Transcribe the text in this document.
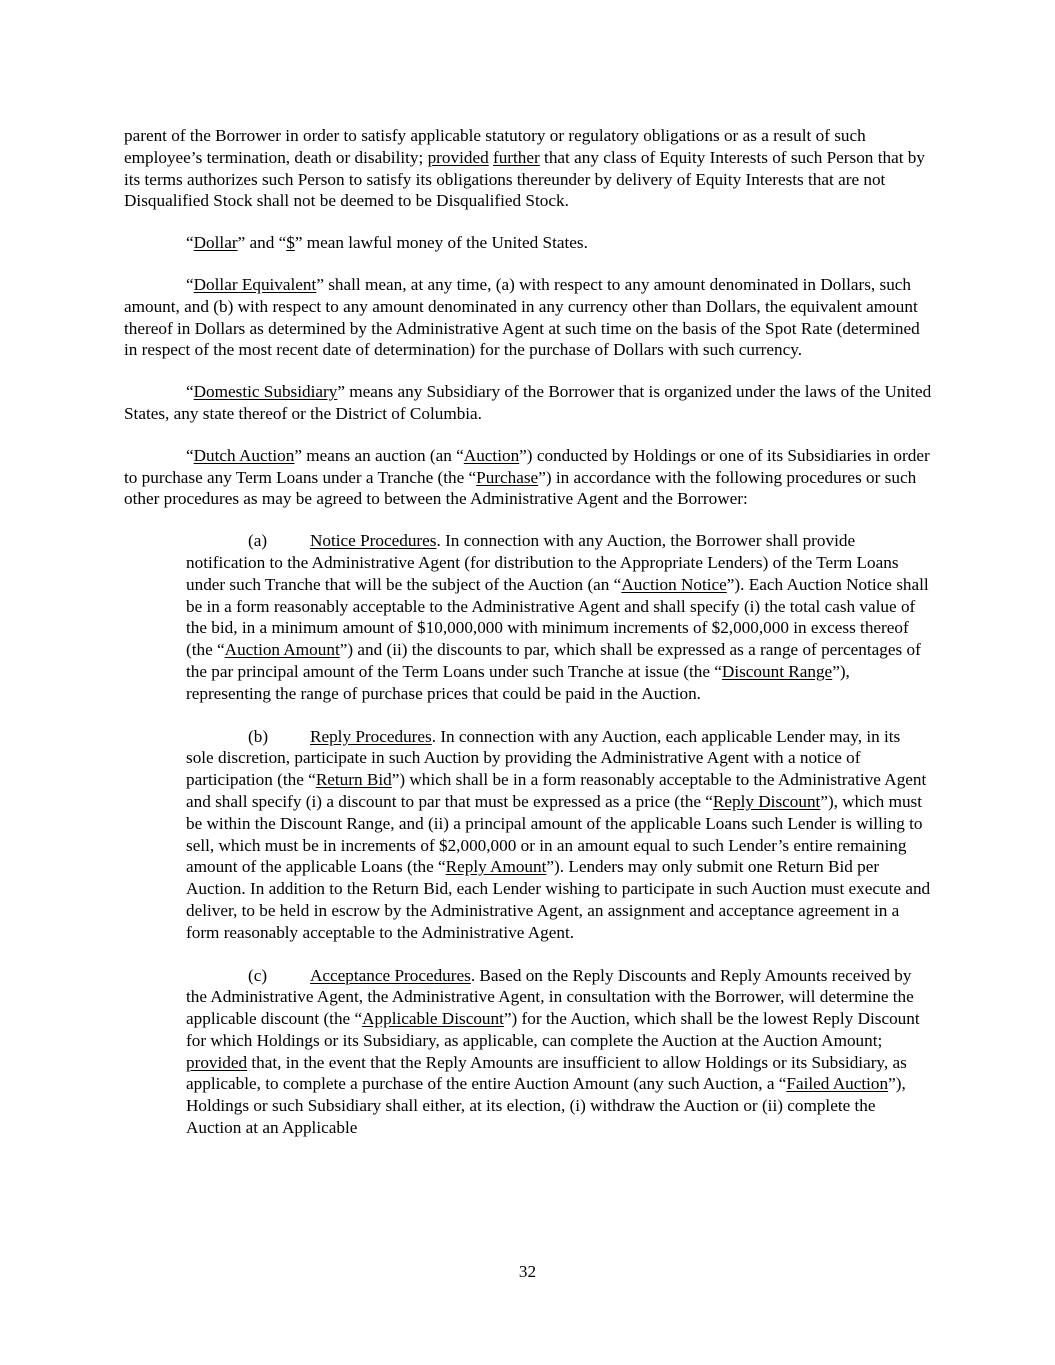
parent of the Borrower in order to satisfy applicable statutory or regulatory obligations or as a result of such employee’s termination, death or disability; provided further that any class of Equity Interests of such Person that by its terms authorizes such Person to satisfy its obligations thereunder by delivery of Equity Interests that are not Disqualified Stock shall not be deemed to be Disqualified Stock.

“Dollar” and “$” mean lawful money of the United States.

“Dollar Equivalent” shall mean, at any time, (a) with respect to any amount denominated in Dollars, such amount, and (b) with respect to any amount denominated in any currency other than Dollars, the equivalent amount thereof in Dollars as determined by the Administrative Agent at such time on the basis of the Spot Rate (determined in respect of the most recent date of determination) for the purchase of Dollars with such currency.

“Domestic Subsidiary” means any Subsidiary of the Borrower that is organized under the laws of the United States, any state thereof or the District of Columbia.

“Dutch Auction” means an auction (an “Auction”) conducted by Holdings or one of its Subsidiaries in order to purchase any Term Loans under a Tranche (the “Purchase”) in accordance with the following procedures or such other procedures as may be agreed to between the Administrative Agent and the Borrower:

(a) Notice Procedures. In connection with any Auction, the Borrower shall provide notification to the Administrative Agent (for distribution to the Appropriate Lenders) of the Term Loans under such Tranche that will be the subject of the Auction (an “Auction Notice”). Each Auction Notice shall be in a form reasonably acceptable to the Administrative Agent and shall specify (i) the total cash value of the bid, in a minimum amount of $10,000,000 with minimum increments of $2,000,000 in excess thereof (the “Auction Amount”) and (ii) the discounts to par, which shall be expressed as a range of percentages of the par principal amount of the Term Loans under such Tranche at issue (the “Discount Range”), representing the range of purchase prices that could be paid in the Auction.

(b) Reply Procedures. In connection with any Auction, each applicable Lender may, in its sole discretion, participate in such Auction by providing the Administrative Agent with a notice of participation (the “Return Bid”) which shall be in a form reasonably acceptable to the Administrative Agent and shall specify (i) a discount to par that must be expressed as a price (the “Reply Discount”), which must be within the Discount Range, and (ii) a principal amount of the applicable Loans such Lender is willing to sell, which must be in increments of $2,000,000 or in an amount equal to such Lender’s entire remaining amount of the applicable Loans (the “Reply Amount”). Lenders may only submit one Return Bid per Auction. In addition to the Return Bid, each Lender wishing to participate in such Auction must execute and deliver, to be held in escrow by the Administrative Agent, an assignment and acceptance agreement in a form reasonably acceptable to the Administrative Agent.

(c) Acceptance Procedures. Based on the Reply Discounts and Reply Amounts received by the Administrative Agent, the Administrative Agent, in consultation with the Borrower, will determine the applicable discount (the “Applicable Discount”) for the Auction, which shall be the lowest Reply Discount for which Holdings or its Subsidiary, as applicable, can complete the Auction at the Auction Amount; provided that, in the event that the Reply Amounts are insufficient to allow Holdings or its Subsidiary, as applicable, to complete a purchase of the entire Auction Amount (any such Auction, a “Failed Auction”), Holdings or such Subsidiary shall either, at its election, (i) withdraw the Auction or (ii) complete the Auction at an Applicable

32
